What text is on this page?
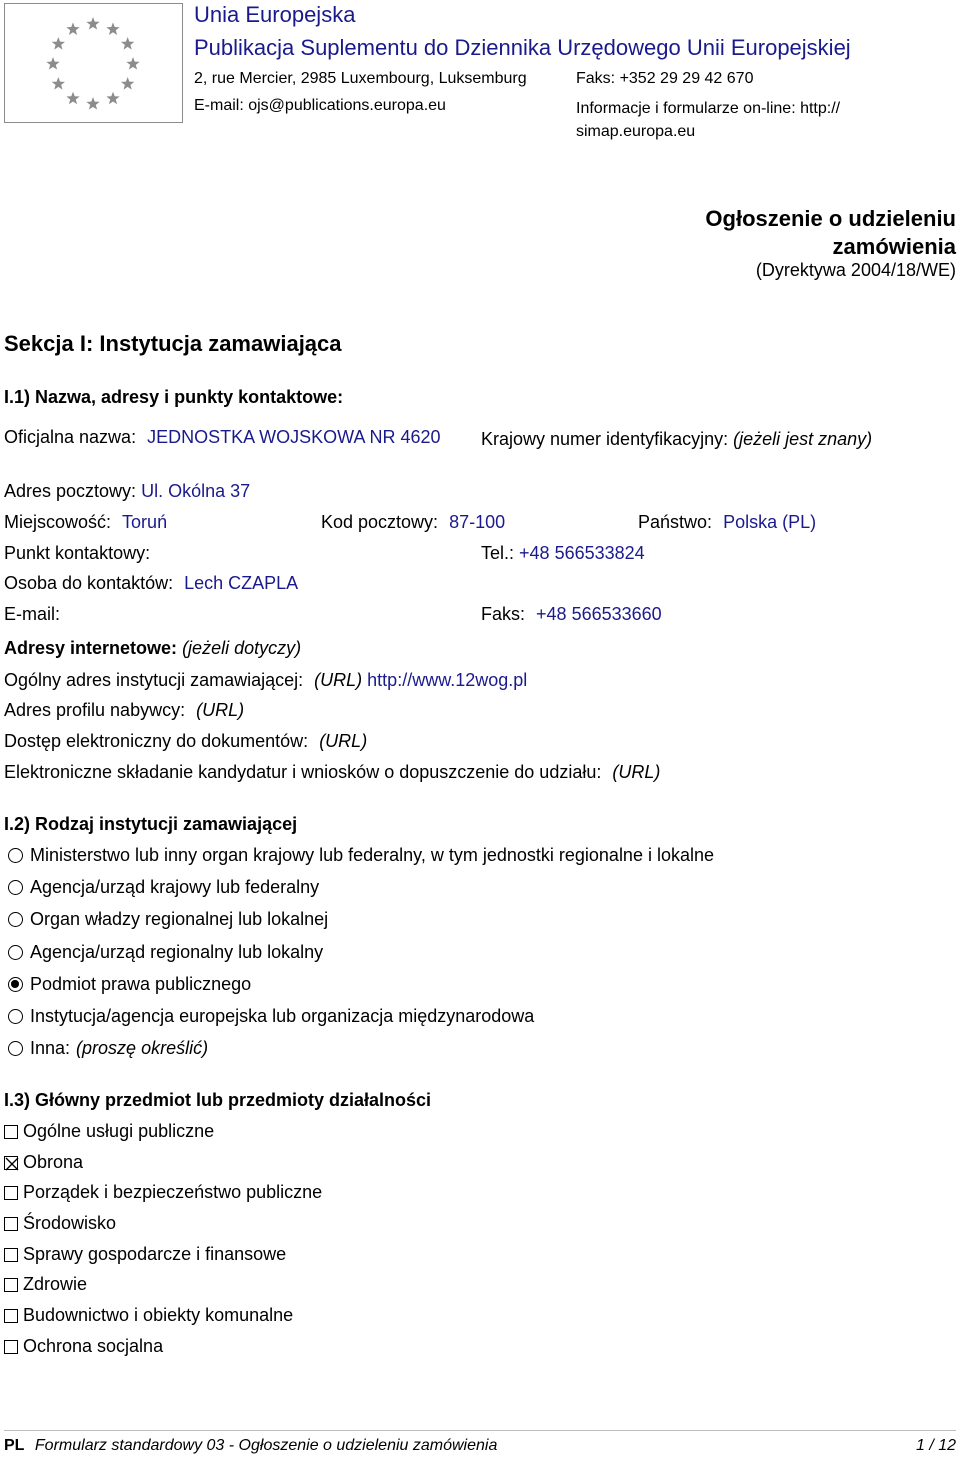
Unia Europejska
Publikacja Suplementu do Dziennika Urzędowego Unii Europejskiej
2, rue Mercier, 2985 Luxembourg, Luksemburg	Faks: +352 29 29 42 670
E-mail: ojs@publications.europa.eu	Informacje i formularze on-line: http:// simap.europa.eu
Ogłoszenie o udzieleniu zamówienia
(Dyrektywa 2004/18/WE)
Sekcja I: Instytucja zamawiająca
I.1) Nazwa, adresy i punkty kontaktowe:
Oficjalna nazwa: JEDNOSTKA WOJSKOWA NR 4620 Krajowy numer identyfikacyjny: (jeżeli jest znany)
Adres pocztowy: Ul. Okólna 37
Miejscowość: Toruń	Kod pocztowy: 87-100	Państwo: Polska (PL)
Punkt kontaktowy:	Tel.: +48 566533824
Osoba do kontaktów: Lech CZAPLA
E-mail:	Faks: +48 566533660
Adresy internetowe: (jeżeli dotyczy)
Ogólny adres instytucji zamawiającej: (URL) http://www.12wog.pl
Adres profilu nabywcy: (URL)
Dostęp elektroniczny do dokumentów: (URL)
Elektroniczne składanie kandydatur i wniosków o dopuszczenie do udziału: (URL)
I.2) Rodzaj instytucji zamawiającej
Ministerstwo lub inny organ krajowy lub federalny, w tym jednostki regionalne i lokalne
Agencja/urząd krajowy lub federalny
Organ władzy regionalnej lub lokalnej
Agencja/urząd regionalny lub lokalny
Podmiot prawa publicznego
Instytucja/agencja europejska lub organizacja międzynarodowa
Inna: (proszę określić)
I.3) Główny przedmiot lub przedmioty działalności
Ogólne usługi publiczne
Obrona
Porządek i bezpieczeństwo publiczne
Środowisko
Sprawy gospodarcze i finansowe
Zdrowie
Budownictwo i obiekty komunalne
Ochrona socjalna
PL Formularz standardowy 03 - Ogłoszenie o udzieleniu zamówienia	1 / 12
